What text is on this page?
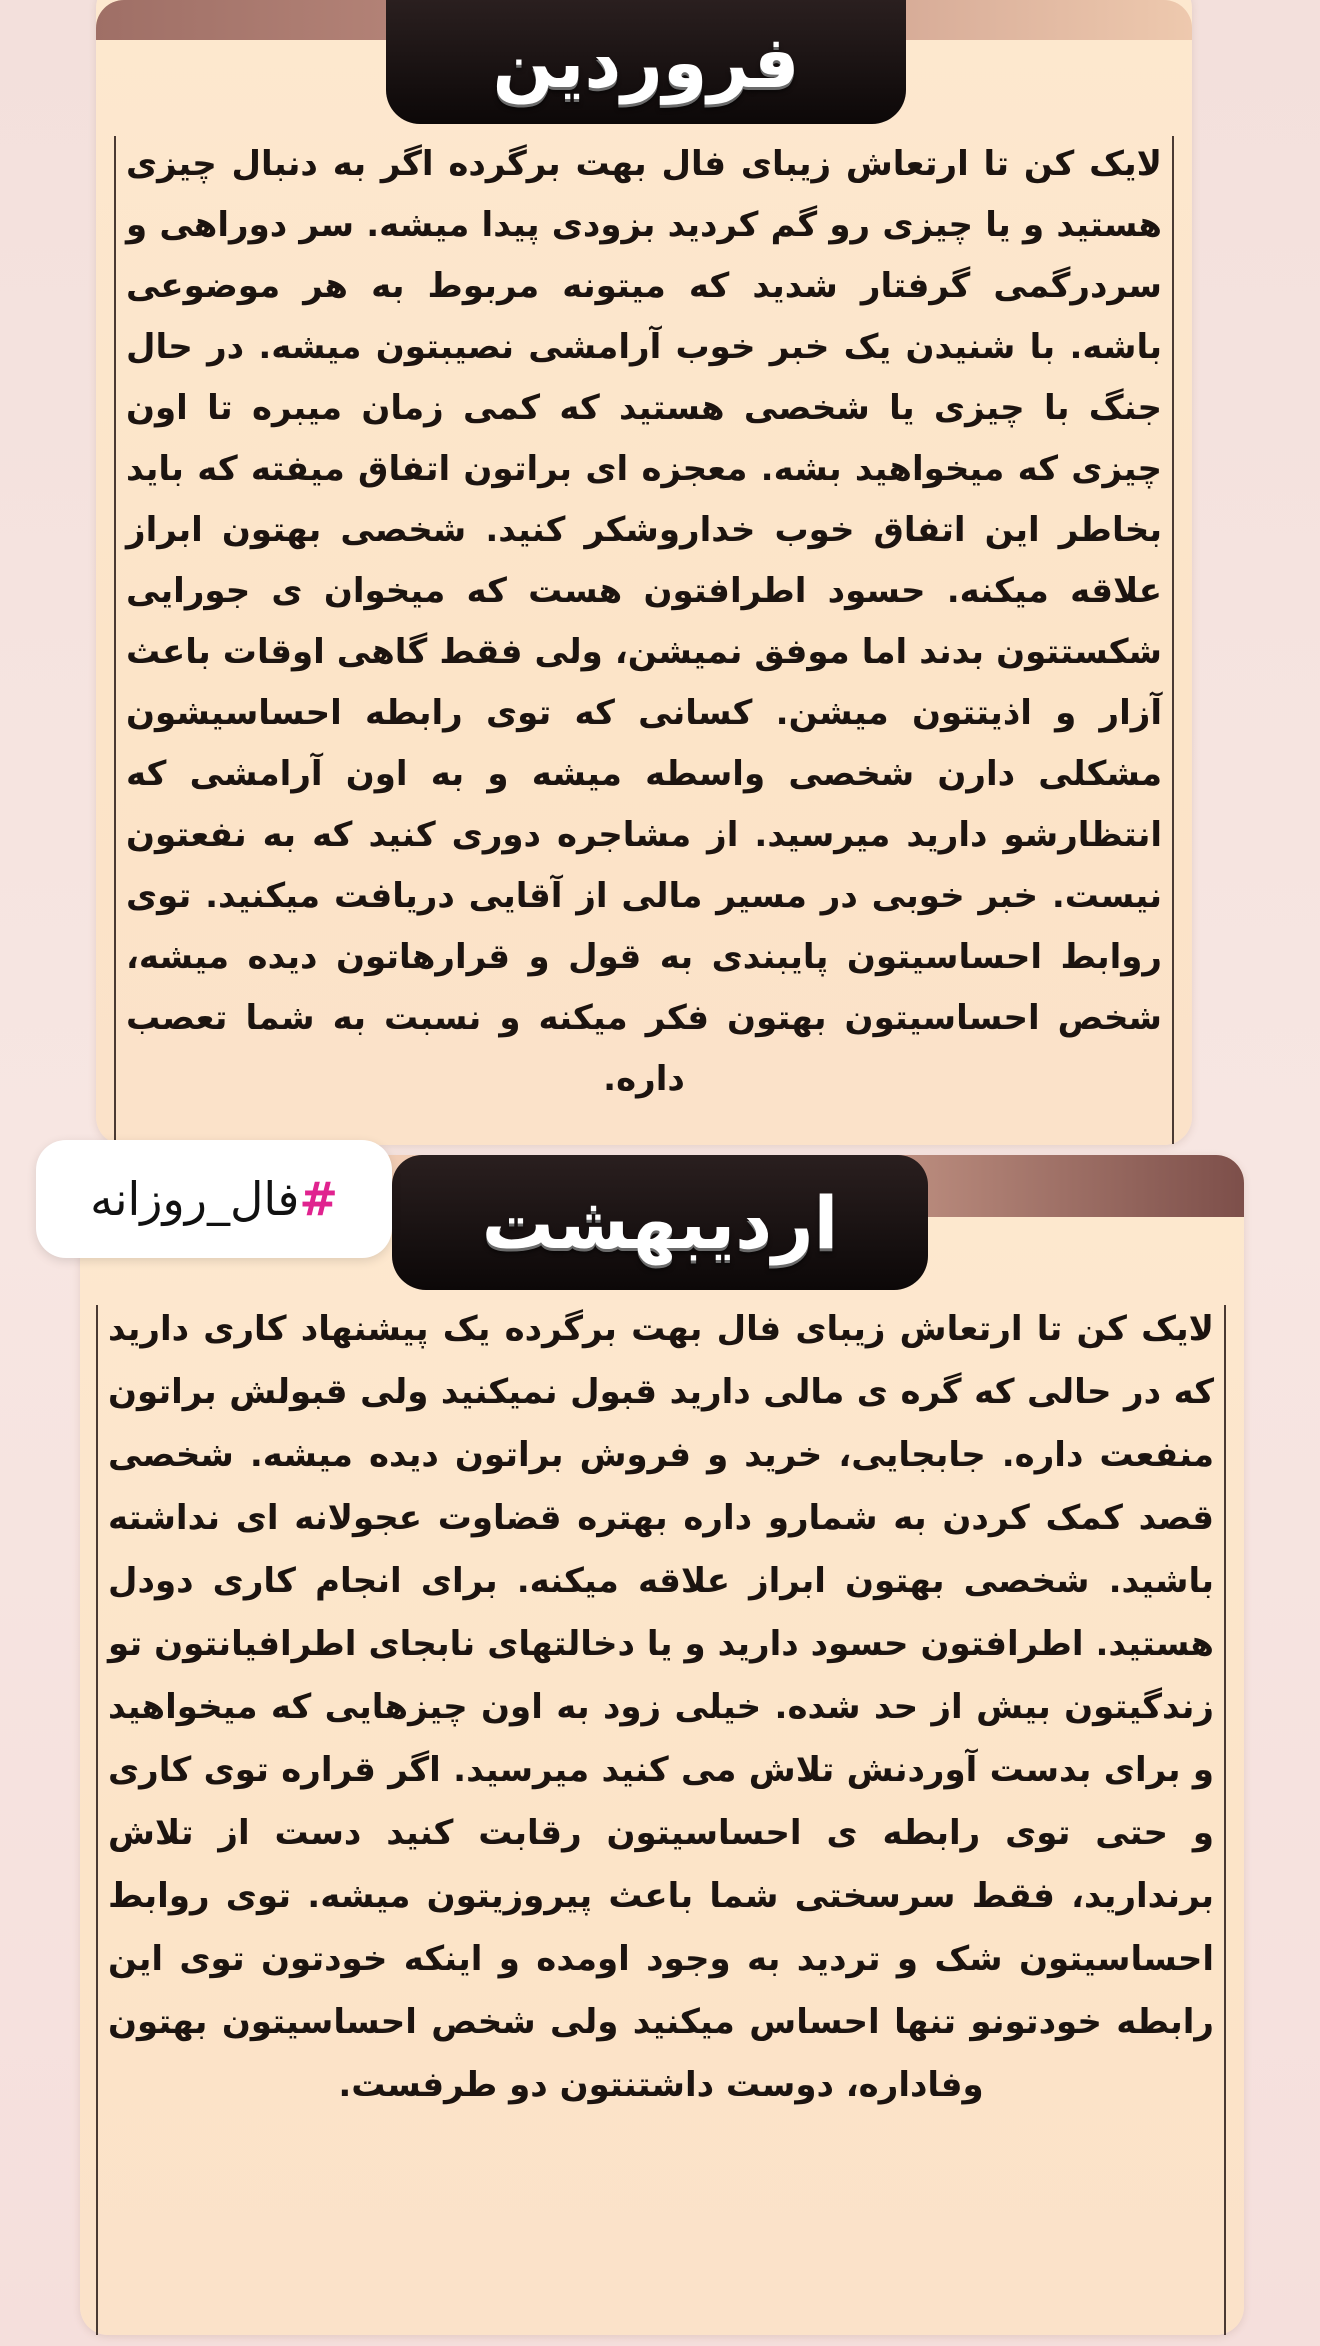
فروردین

لایک کن تا ارتعاش زیبای فال بهت برگرده اگر به دنبال چیزی هستید و یا چیزی رو گم کردید بزودی پیدا میشه. سر دوراهی و سردرگمی گرفتار شدید که میتونه مربوط به هر موضوعی باشه. با شنیدن یک خبر خوب آرامشی نصیبتون میشه. در حال جنگ با چیزی یا شخصی هستید که کمی زمان میبره تا اون چیزی که میخواهید بشه. معجزه ای براتون اتفاق میفته که باید بخاطر این اتفاق خوب خداروشکر کنید. شخصی بهتون ابراز علاقه میکنه. حسود اطرافتون هست که میخوان ی جورایی شکستتون بدند اما موفق نمیشن، ولی فقط گاهی اوقات باعث آزار و اذیتتون میشن. کسانی که توی رابطه احساسیشون مشکلی دارن شخصی واسطه میشه و به اون آرامشی که انتظارشو دارید میرسید. از مشاجره دوری کنید که به نفعتون نیست. خبر خوبی در مسیر مالی از آقایی دریافت میکنید. توی روابط احساسیتون پایبندی به قول و قرارهاتون دیده میشه، شخص احساسیتون بهتون فکر میکنه و نسبت به شما تعصب داره.

اردیبهشت

لایک کن تا ارتعاش زیبای فال بهت برگرده یک پیشنهاد کاری دارید که در حالی که گره ی مالی دارید قبول نمیکنید ولی قبولش براتون منفعت داره. جابجایی، خرید و فروش براتون دیده میشه. شخصی قصد کمک کردن به شمارو داره بهتره قضاوت عجولانه ای نداشته باشید. شخصی بهتون ابراز علاقه میکنه. برای انجام کاری دودل هستید. اطرافتون حسود دارید و یا دخالتهای نابجای اطرافیانتون تو زندگیتون بیش از حد شده. خیلی زود به اون چیزهایی که میخواهید و برای بدست آوردنش تلاش می کنید میرسید. اگر قراره توی کاری و حتی توی رابطه ی احساسیتون رقابت کنید دست از تلاش برندارید، فقط سرسختی شما باعث پیروزیتون میشه. توی روابط احساسیتون شک و تردید به وجود اومده و اینکه خودتون توی این رابطه خودتونو تنها احساس میکنید ولی شخص احساسیتون بهتون وفاداره، دوست داشتنتون دو طرفست.

#
فال_روزانه
